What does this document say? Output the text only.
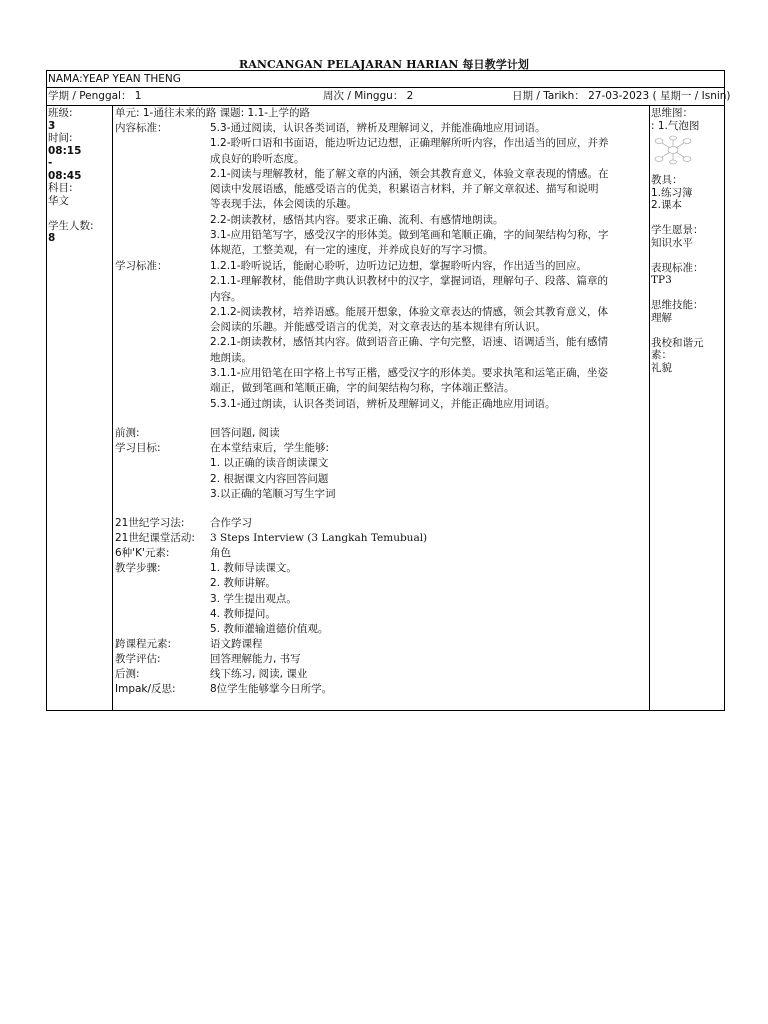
RANCANGAN PELAJARAN HARIAN 每日教学计划
NAMA:YEAP YEAN THENG
学期 / Penggal： 1	周次 / Minggu： 2	日期 / Tarikh： 27-03-2023 ( 星期一 / Isnin)
班级:
3
时间:
08:15
-
08:45
科目:
华文
学生人数:
8
单元: 1-通往未来的路 课题: 1.1-上学的路
内容标准：	5.3-通过阅读，认识各类词语，辨析及理解词义，并能准确地应用词语。
1.2-聆听口语和书面语，能边听边记边想，正确理解所听内容，作出适当的回应，并养
成良好的聆听态度。
2.1-阅读与理解教材，能了解文章的内涵，领会其教育意义，体验文章表现的情感。在
阅读中发展语感，能感受语言的优美，积累语言材料，并了解文章叙述、描写和说明
等表现手法，体会阅读的乐趣。
2.2-朗读教材，感悟其内容。要求正确、流利、有感情地朗读。
3.1-应用铅笔写字，感受汉字的形体美。做到笔画和笔顺正确，字的间架结构匀称，字
体规范，工整美观，有一定的速度，并养成良好的写字习惯。
学习标准：	1.2.1-聆听说话，能耐心聆听，边听边记边想，掌握聆听内容，作出适当的回应。
2.1.1-理解教材，能借助字典认识教材中的汉字，掌握词语，理解句子、段落、篇章的
内容。
2.1.2-阅读教材，培养语感。能展开想象，体验文章表达的情感，领会其教育意义，体
会阅读的乐趣。并能感受语言的优美，对文章表达的基本规律有所认识。
2.2.1-朗读教材，感悟其内容。做到语音正确、字句完整，语速、语调适当，能有感情
地朗读。
3.1.1-应用铅笔在田字格上书写正楷，感受汉字的形体美。要求执笔和运笔正确，坐姿
端正，做到笔画和笔顺正确，字的间架结构匀称，字体端正整洁。
5.3.1-通过朗读，认识各类词语，辨析及理解词义，并能正确地应用词语。
前测:	回答问题, 阅读
学习目标:	在本堂结束后，学生能够:
1. 以正确的读音朗读课文
2. 根据课文内容回答问题
3.以正确的笔顺习写生字词
21世纪学习法: 合作学习
21世纪课堂活动: 3 Steps Interview (3 Langkah Temubual)
6种'K'元素:	角色
教学步骤:	1. 教师导读课文。
2. 教师讲解。
3. 学生提出观点。
4. 教师提问。
5. 教师灌输道德价值观。
跨课程元素:	语文跨课程
教学评估:	回答理解能力, 书写
后测:	线下练习, 阅读, 课业
Impak/反思:	8位学生能够掌今日所学。
思维图：
: 1.气泡图
教具：
1.练习簿
2.课本
学生愿景：
知识水平
表现标准：
TP3
思维技能：
理解
我校和谐元
素：
礼貌
